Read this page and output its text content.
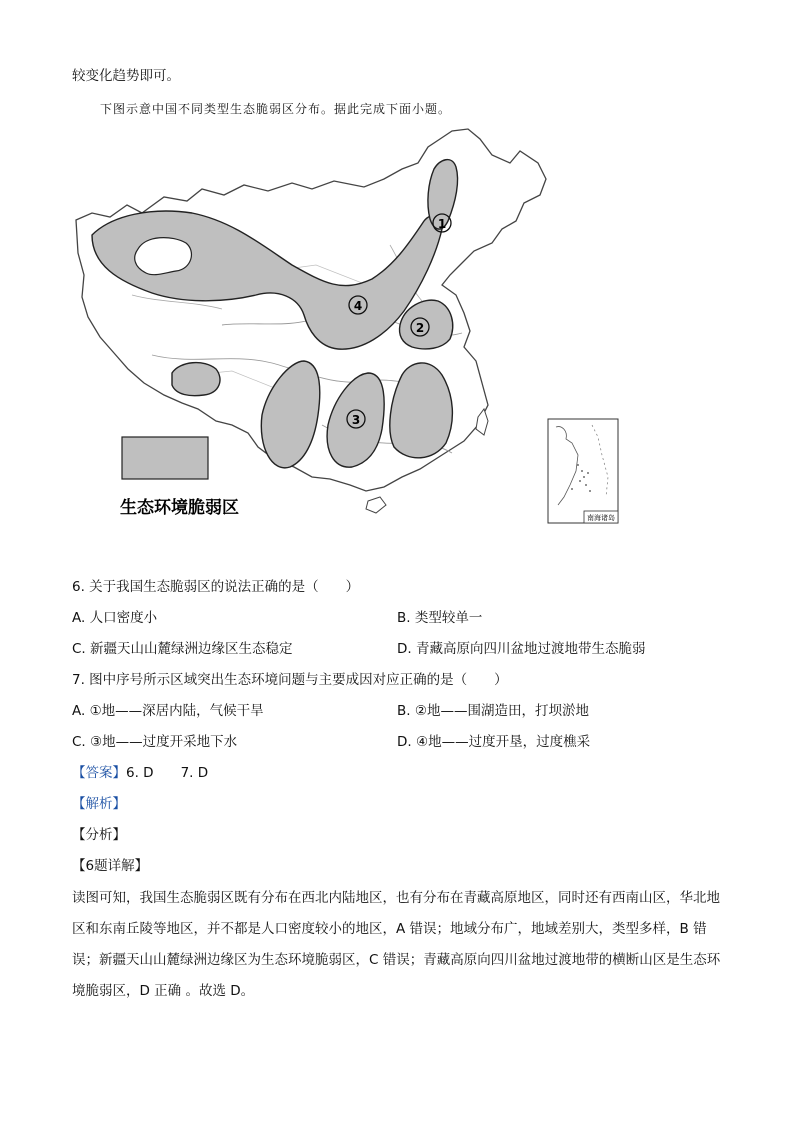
较变化趋势即可。
下图示意中国不同类型生态脆弱区分布。据此完成下面小题。
1
2
3
4
生态环境脆弱区
南海诸岛
6. 关于我国生态脆弱区的说法正确的是（　　）
A. 人口密度小	B. 类型较单一
C. 新疆天山山麓绿洲边缘区生态稳定	D. 青藏高原向四川盆地过渡地带生态脆弱
7. 图中序号所示区域突出生态环境问题与主要成因对应正确的是（　　）
A. ①地——深居内陆，气候干旱	B. ②地——围湖造田，打坝淤地
C. ③地——过度开采地下水	D. ④地——过度开垦，过度樵采
【答案】6. D　　7. D
【解析】
【分析】
【6题详解】
读图可知，我国生态脆弱区既有分布在西北内陆地区，也有分布在青藏高原地区，同时还有西南山区，华北地区和东南丘陵等地区，并不都是人口密度较小的地区，A 错误；地域分布广，地域差别大，类型多样，B 错误；新疆天山山麓绿洲边缘区为生态环境脆弱区，C 错误；青藏高原向四川盆地过渡地带的横断山区是生态环境脆弱区，D 正确 。故选 D。
